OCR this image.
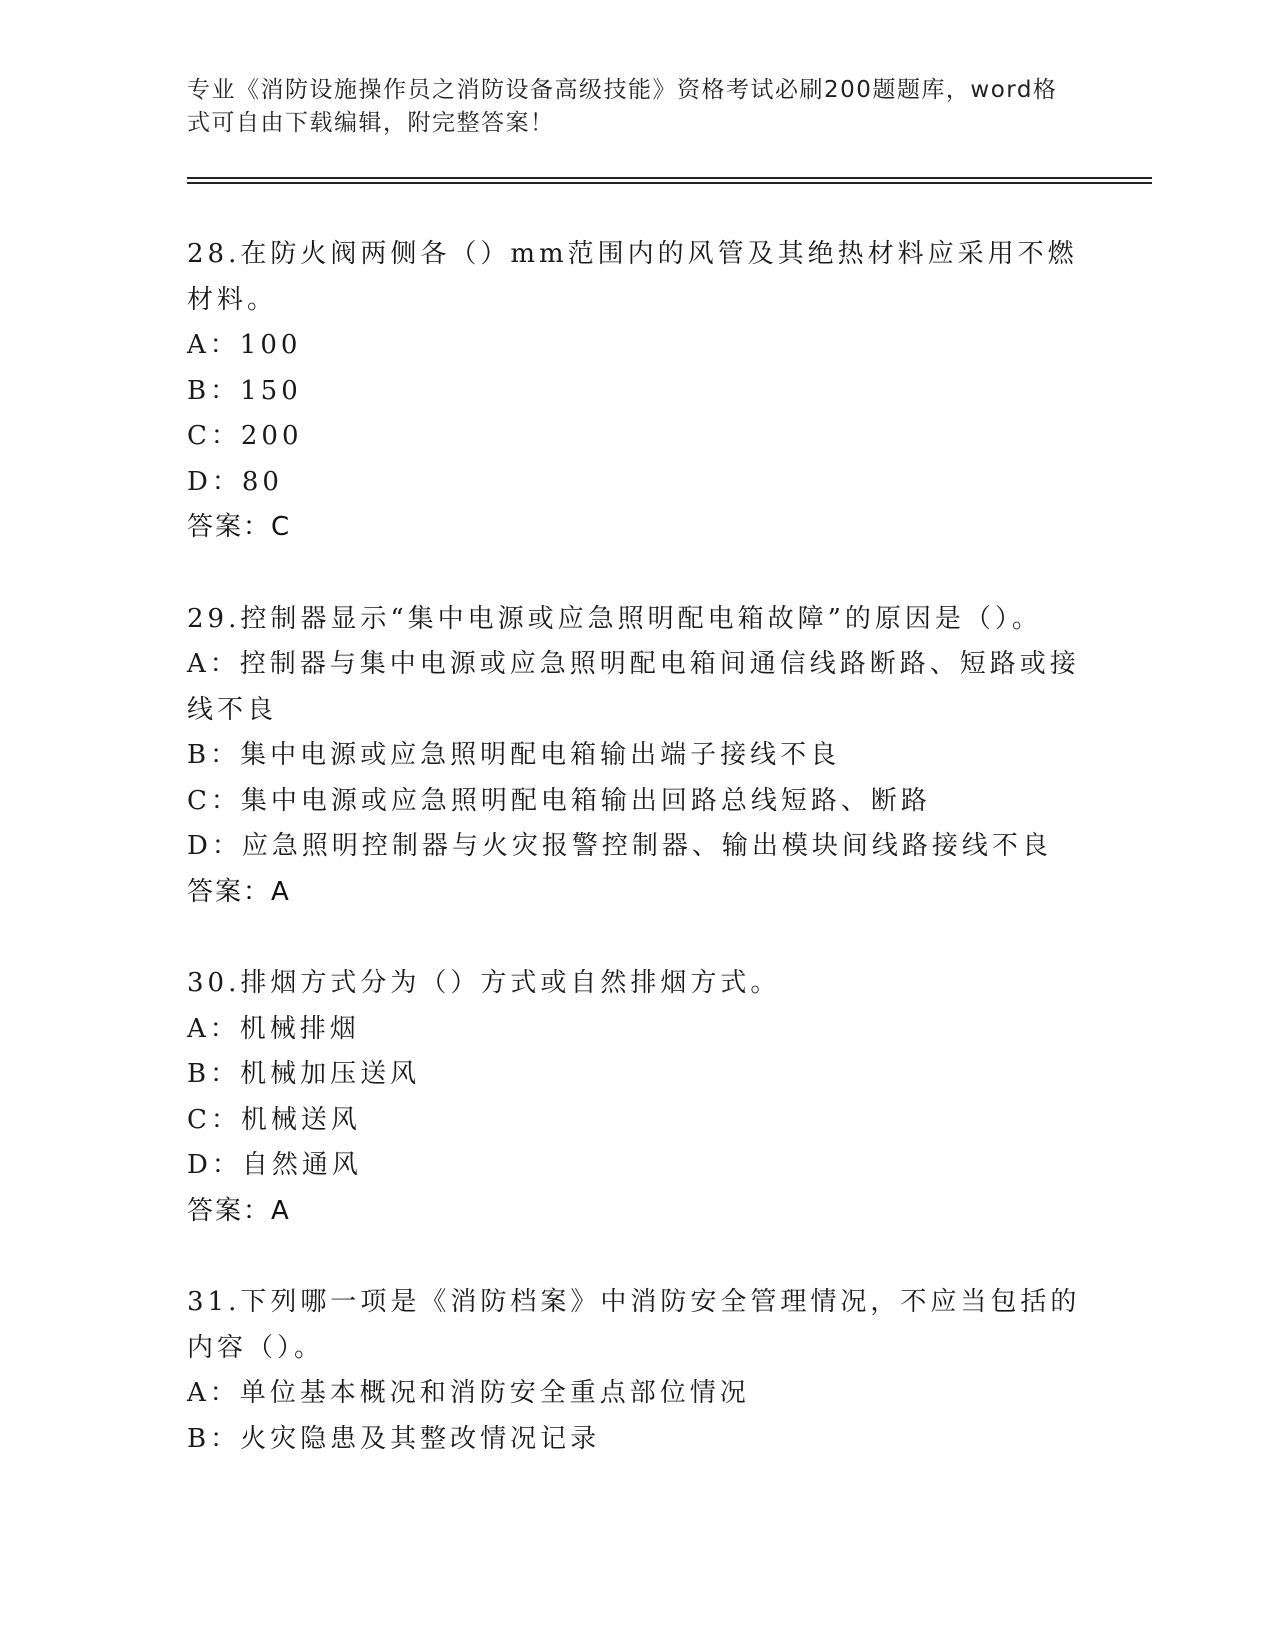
专业《消防设施操作员之消防设备高级技能》资格考试必刷200题题库，word格式可自由下载编辑，附完整答案！
28.在防火阀两侧各（）mm范围内的风管及其绝热材料应采用不燃材料。
A：100
B：150
C：200
D：80
答案：C
29.控制器显示“集中电源或应急照明配电箱故障”的原因是（）。
A：控制器与集中电源或应急照明配电箱间通信线路断路、短路或接线不良
B：集中电源或应急照明配电箱输出端子接线不良
C：集中电源或应急照明配电箱输出回路总线短路、断路
D：应急照明控制器与火灾报警控制器、输出模块间线路接线不良
答案：A
30.排烟方式分为（）方式或自然排烟方式。
A：机械排烟
B：机械加压送风
C：机械送风
D：自然通风
答案：A
31.下列哪一项是《消防档案》中消防安全管理情况，不应当包括的内容（）。
A：单位基本概况和消防安全重点部位情况
B：火灾隐患及其整改情况记录
